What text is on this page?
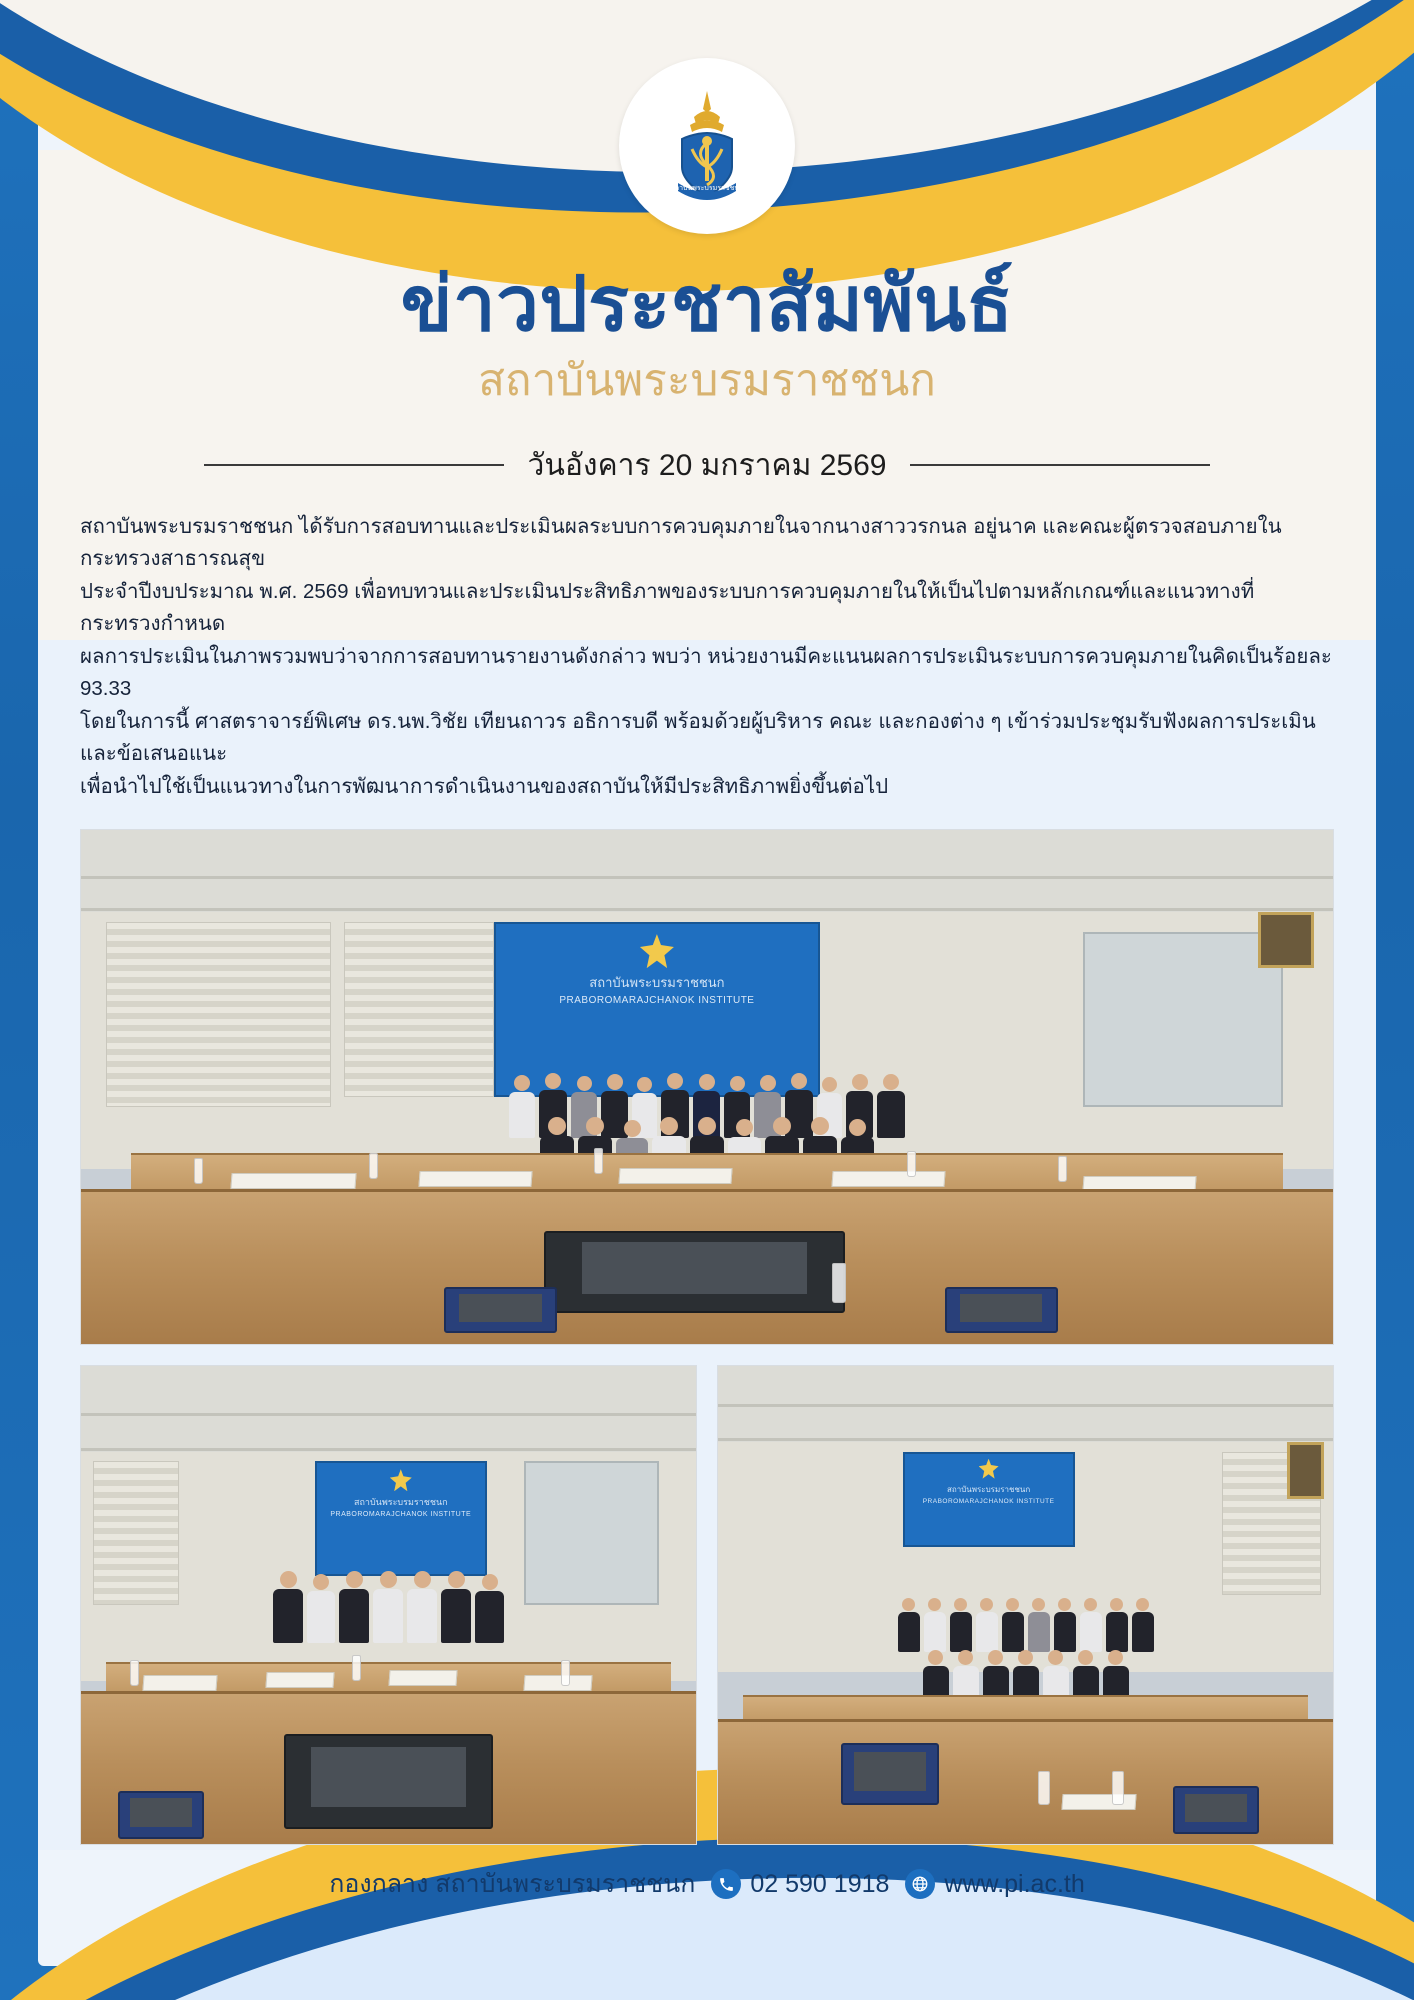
สถาบันพระบรมราชชนก
ข่าวประชาสัมพันธ์
สถาบันพระบรมราชชนก
วันอังคาร 20 มกราคม 2569

สถาบันพระบรมราชชนก ได้รับการสอบทานและประเมินผลระบบการควบคุมภายในจากนางสาววรกนล อยู่นาค และคณะผู้ตรวจสอบภายใน กระทรวงสาธารณสุข

ประจำปีงบประมาณ พ.ศ. 2569 เพื่อทบทวนและประเมินประสิทธิภาพของระบบการควบคุมภายในให้เป็นไปตามหลักเกณฑ์และแนวทางที่กระทรวงกำหนด

ผลการประเมินในภาพรวมพบว่าจากการสอบทานรายงานดังกล่าว พบว่า หน่วยงานมีคะแนนผลการประเมินระบบการควบคุมภายในคิดเป็นร้อยละ 93.33

โดยในการนี้ ศาสตราจารย์พิเศษ ดร.นพ.วิชัย เทียนถาวร อธิการบดี พร้อมด้วยผู้บริหาร คณะ และกองต่าง ๆ เข้าร่วมประชุมรับฟังผลการประเมินและข้อเสนอแนะ

เพื่อนำไปใช้เป็นแนวทางในการพัฒนาการดำเนินงานของสถาบันให้มีประสิทธิภาพยิ่งขึ้นต่อไป

สถาบันพระบรมราชชนก
PRABOROMARAJCHANOK INSTITUTE
สถาบันพระบรมราชชนก
PRABOROMARAJCHANOK INSTITUTE
สถาบันพระบรมราชชนก
PRABOROMARAJCHANOK INSTITUTE
กองกลาง สถาบันพระบรมราชชนก 02 590 1918 www.pi.ac.th
